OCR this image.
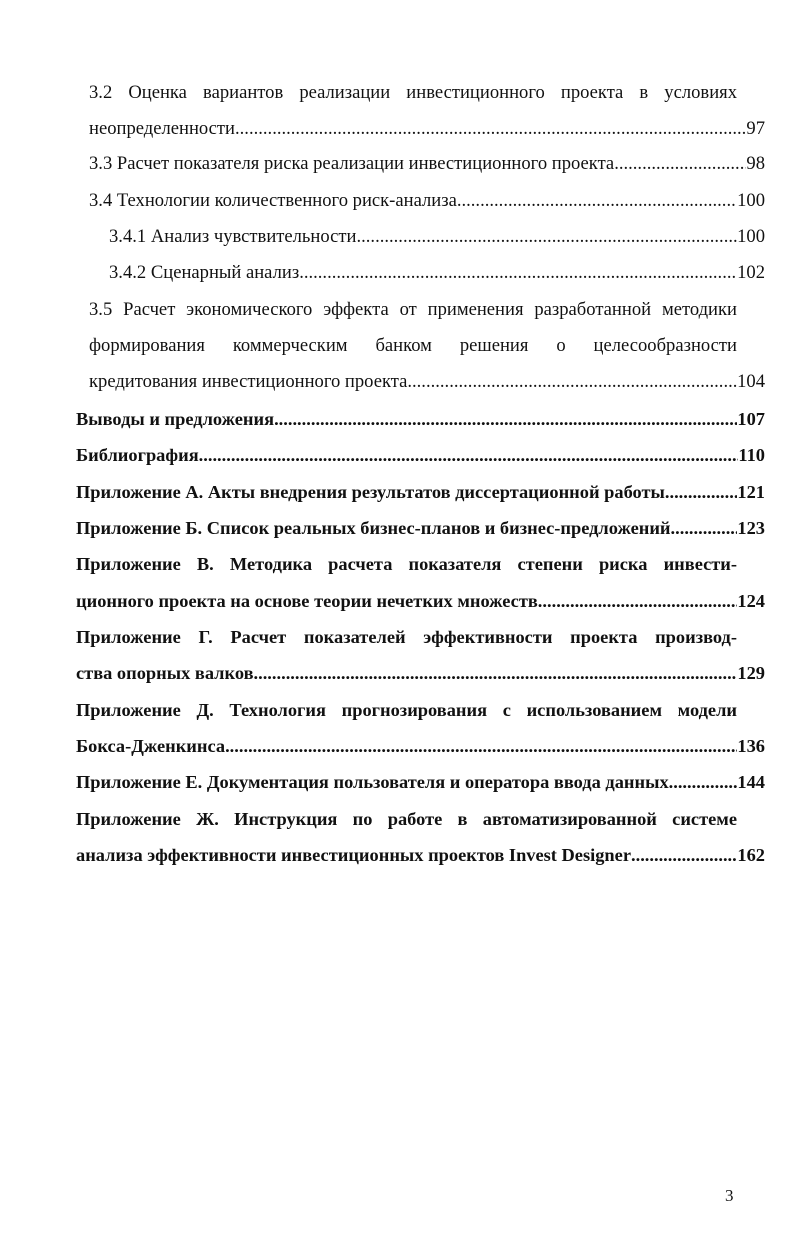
3.2 Оценка вариантов реализации инвестиционного проекта в условиях
неопределенности .....	97
3.3 Расчет показателя риска реализации инвестиционного проекта .....	98
3.4 Технологии количественного риск-анализа .....	100
3.4.1 Анализ чувствительности .....	100
3.4.2 Сценарный анализ .....	102
3.5 Расчет экономического эффекта от применения разработанной методики
формирования коммерческим банком решения о целесообразности
кредитования инвестиционного проекта .....	104
Выводы и предложения .....	107
Библиография .....	110
Приложение А. Акты внедрения результатов диссертационной работы .....	121
Приложение Б. Список реальных бизнес-планов и бизнес-предложений .....	123
Приложение В. Методика расчета показателя степени риска инвести-
ционного проекта на основе теории нечетких множеств .....	124
Приложение Г. Расчет показателей эффективности проекта производ-
ства опорных валков .....	129
Приложение Д. Технология прогнозирования с использованием модели
Бокса-Дженкинса .....	136
Приложение Е. Документация пользователя и оператора ввода данных .....	144
Приложение Ж. Инструкция по работе в автоматизированной системе
анализа эффективности инвестиционных проектов Invest Designer .....	162
3
